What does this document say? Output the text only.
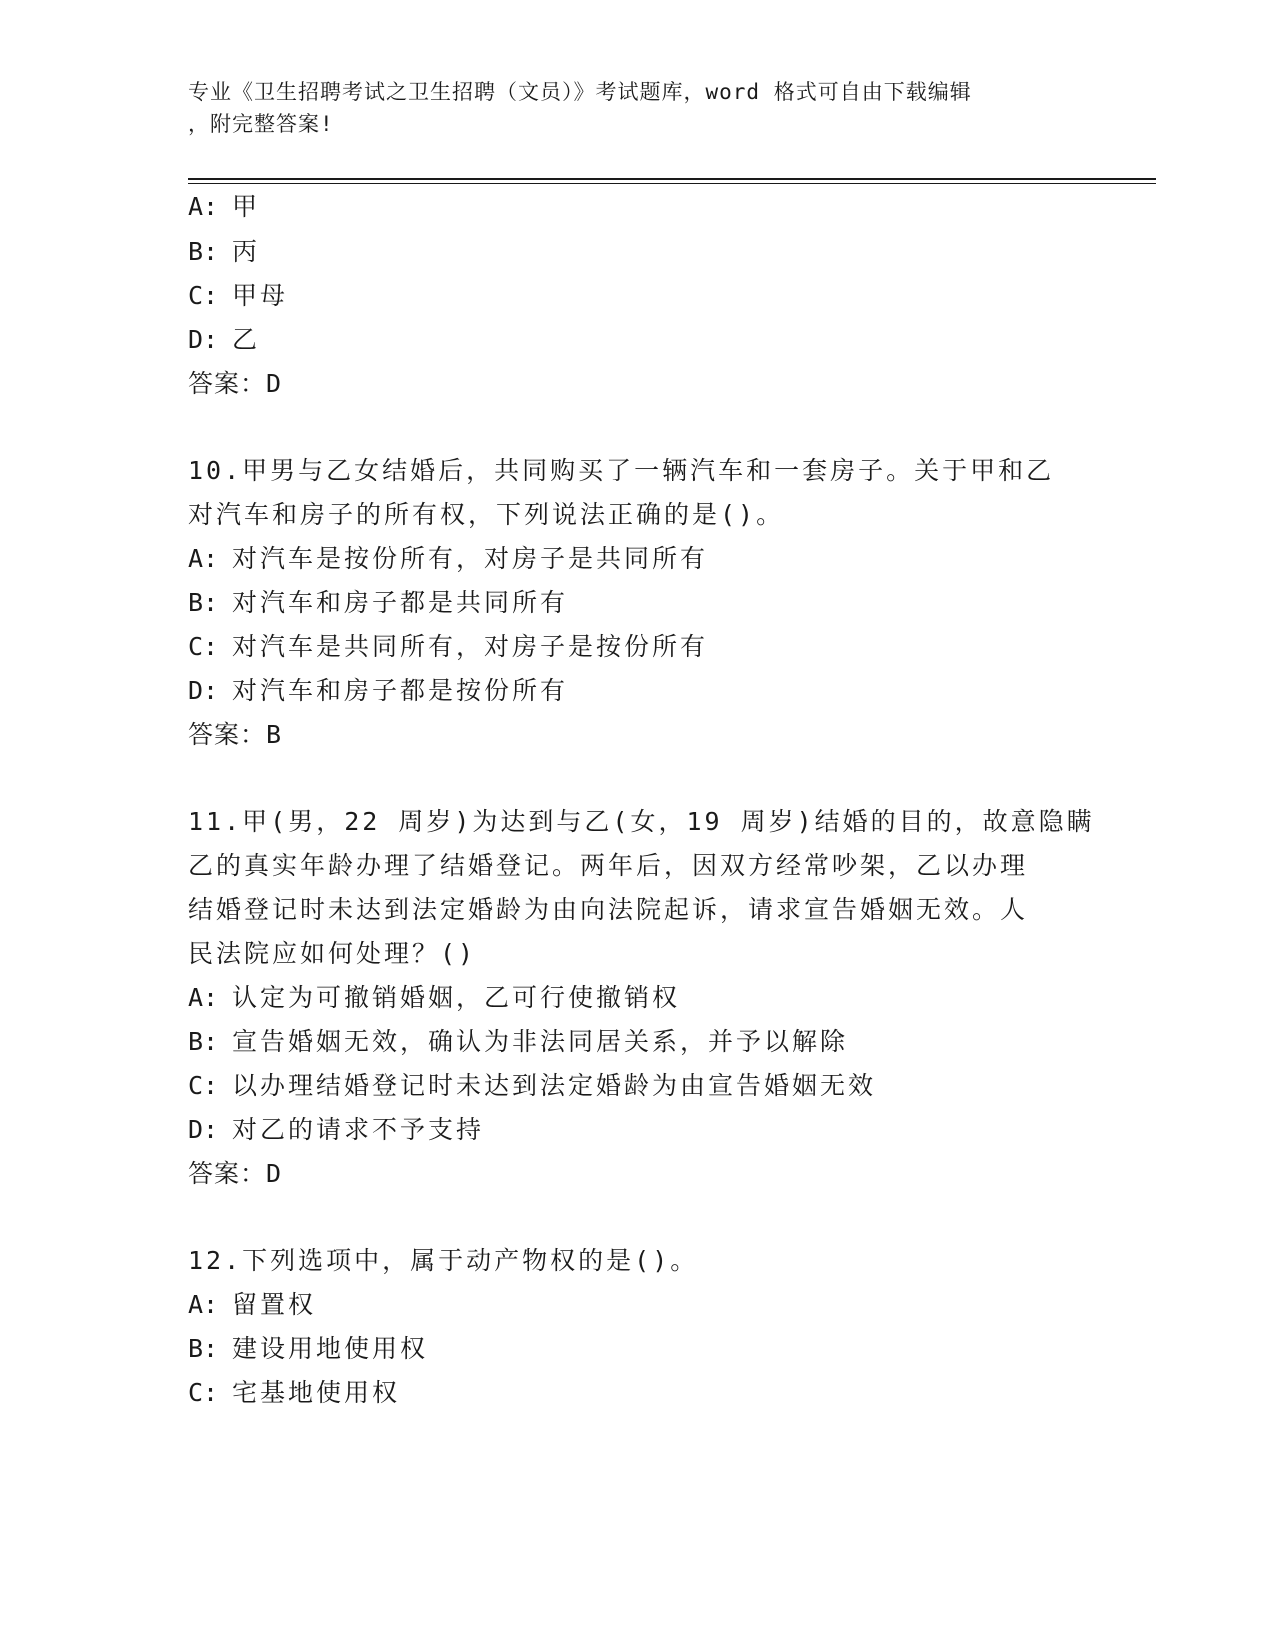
专业《卫生招聘考试之卫生招聘（文员）》考试题库，word 格式可自由下载编辑
，附完整答案!
A: 甲
B: 丙
C: 甲母
D: 乙
答案：D
10.甲男与乙女结婚后，共同购买了一辆汽车和一套房子。关于甲和乙
对汽车和房子的所有权，下列说法正确的是()。
A: 对汽车是按份所有，对房子是共同所有
B: 对汽车和房子都是共同所有
C: 对汽车是共同所有，对房子是按份所有
D: 对汽车和房子都是按份所有
答案：B
11.甲(男，22 周岁)为达到与乙(女，19 周岁)结婚的目的，故意隐瞒
乙的真实年龄办理了结婚登记。两年后，因双方经常吵架，乙以办理
结婚登记时未达到法定婚龄为由向法院起诉，请求宣告婚姻无效。人
民法院应如何处理？()
A: 认定为可撤销婚姻，乙可行使撤销权
B: 宣告婚姻无效，确认为非法同居关系，并予以解除
C: 以办理结婚登记时未达到法定婚龄为由宣告婚姻无效
D: 对乙的请求不予支持
答案：D
12.下列选项中，属于动产物权的是()。
A: 留置权
B: 建设用地使用权
C: 宅基地使用权
